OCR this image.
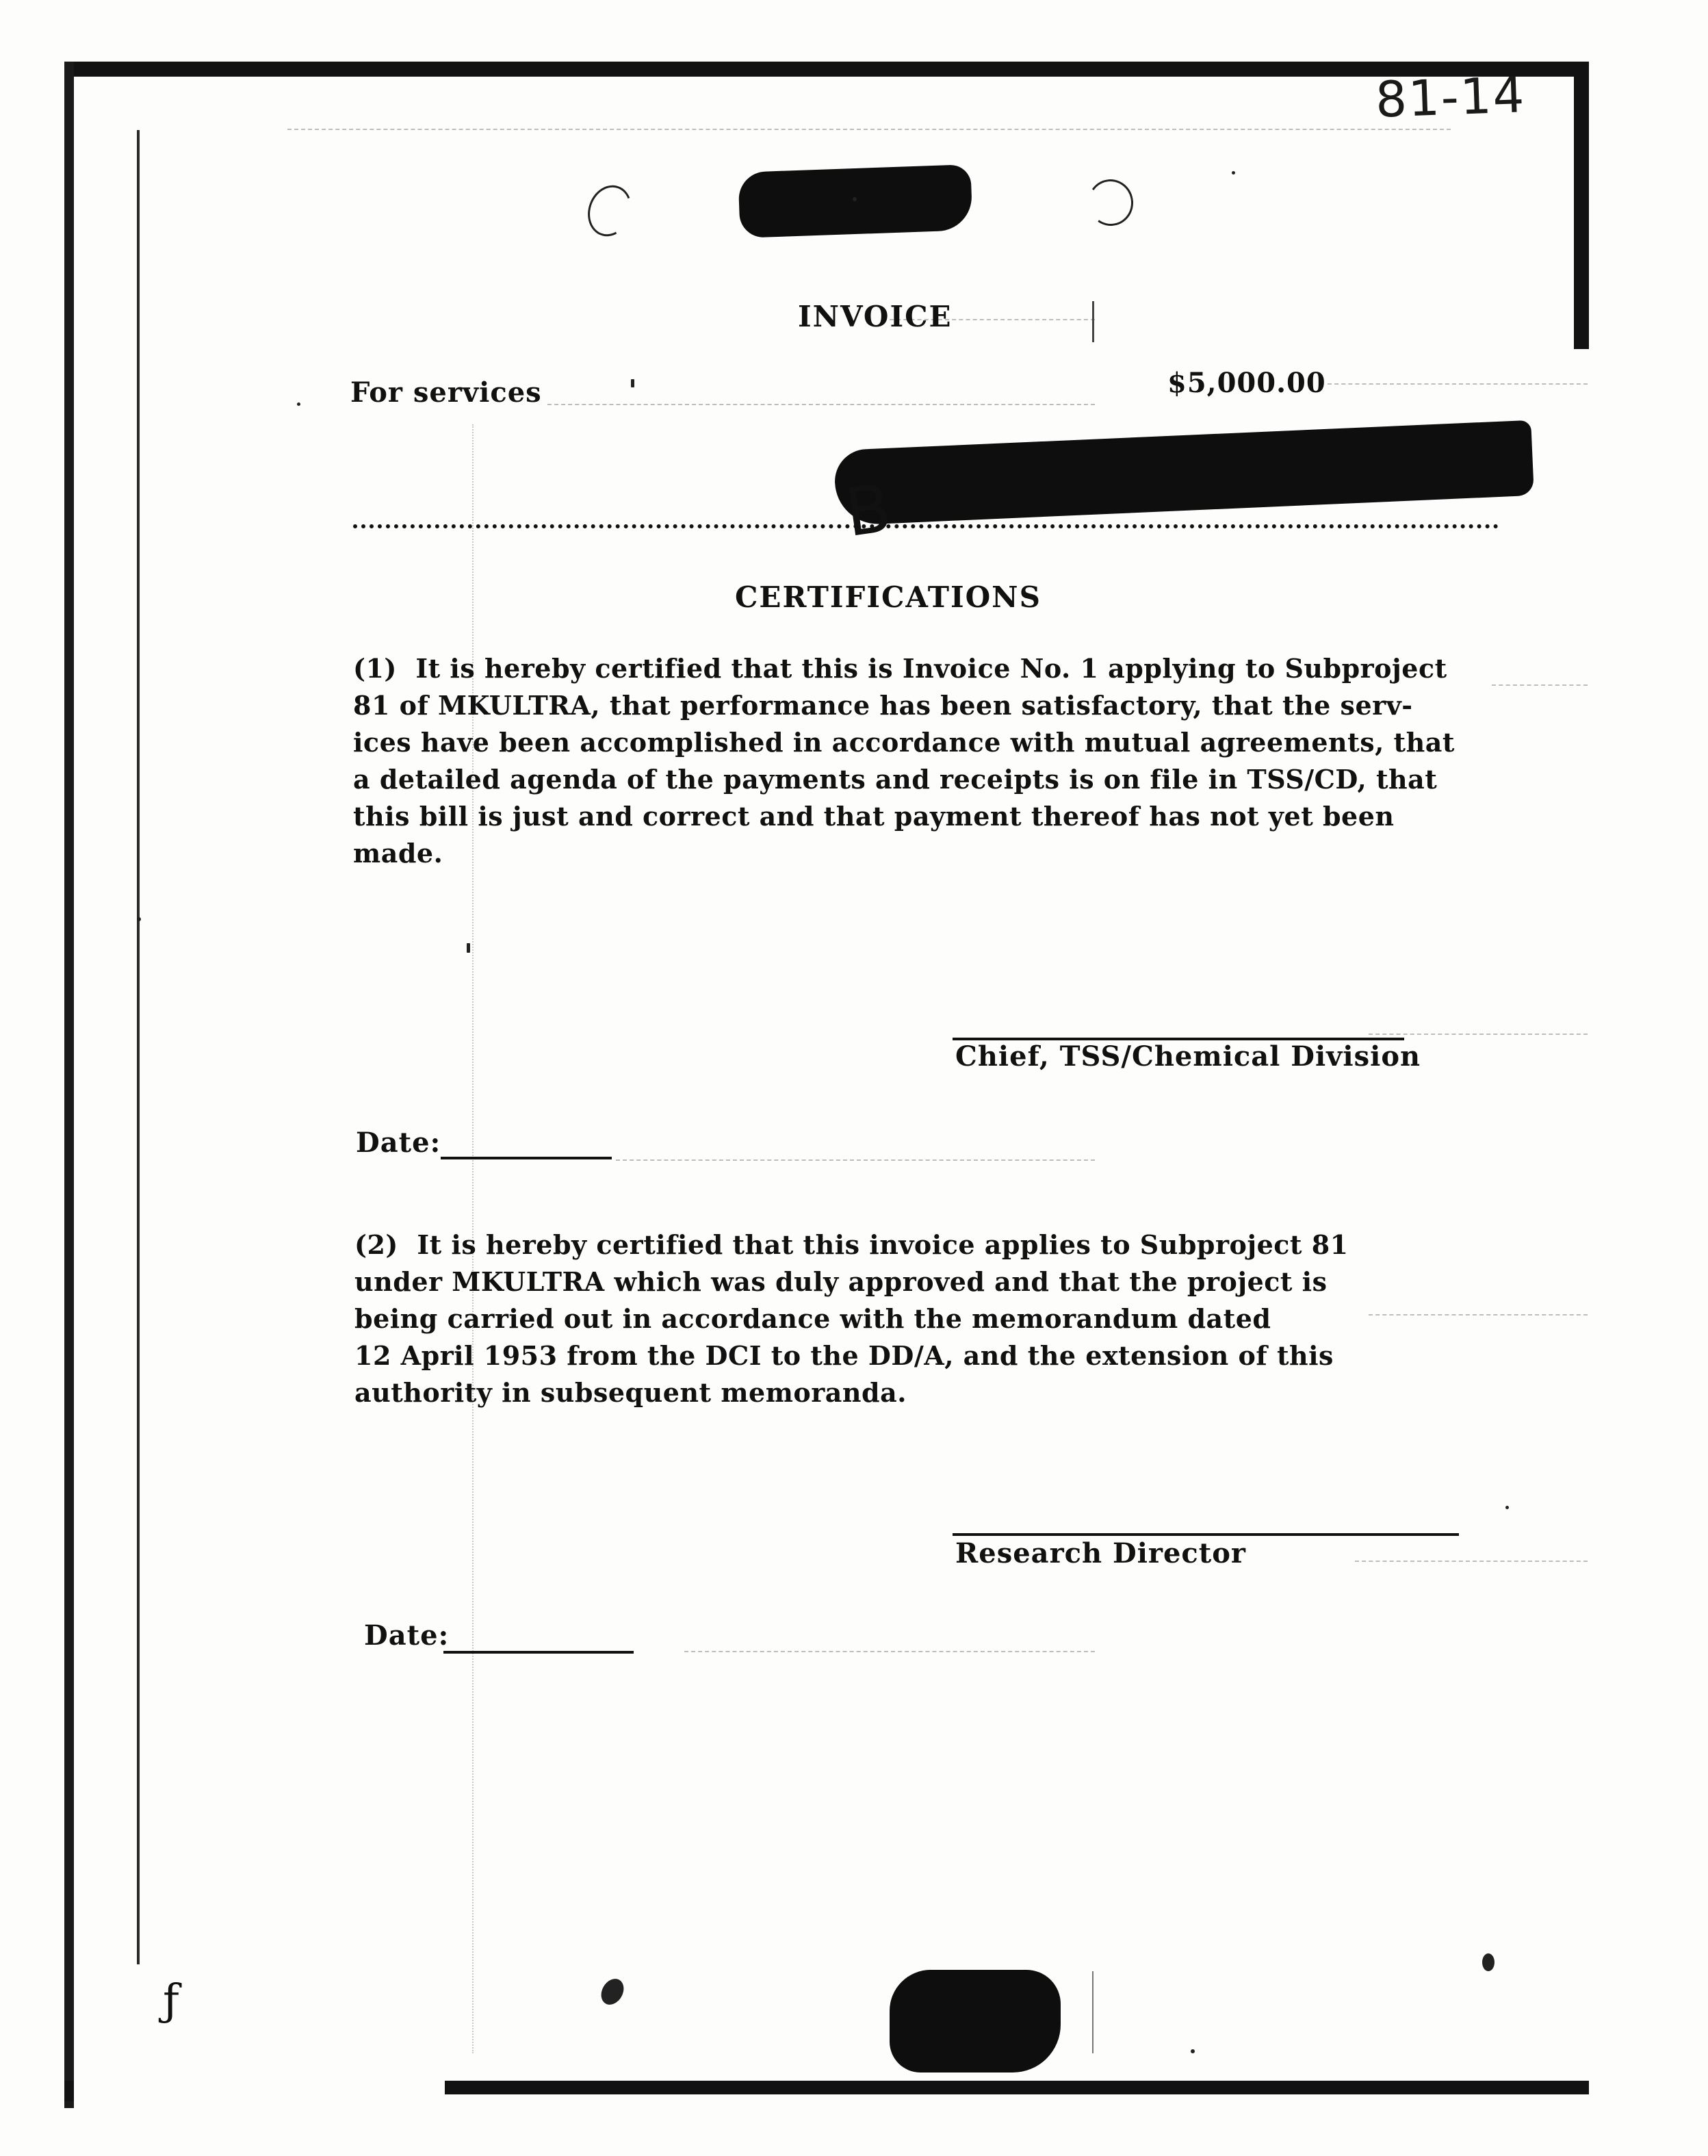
81-14
INVOICE
For services	$5,000.00
B
CERTIFICATIONS
(1)  It is hereby certified that this is Invoice No. 1 applying to Subproject
81 of MKULTRA, that performance has been satisfactory, that the serv-
ices have been accomplished in accordance with mutual agreements, that
a detailed agenda of the payments and receipts is on file in TSS/CD, that
this bill is just and correct and that payment thereof has not yet been
made.
Chief, TSS/Chemical Division
Date:
(2)  It is hereby certified that this invoice applies to Subproject 81
under MKULTRA which was duly approved and that the project is
being carried out in accordance with the memorandum dated
12 April 1953 from the DCI to the DD/A, and the extension of this
authority in subsequent memoranda.
Research Director
Date:
ƒ
